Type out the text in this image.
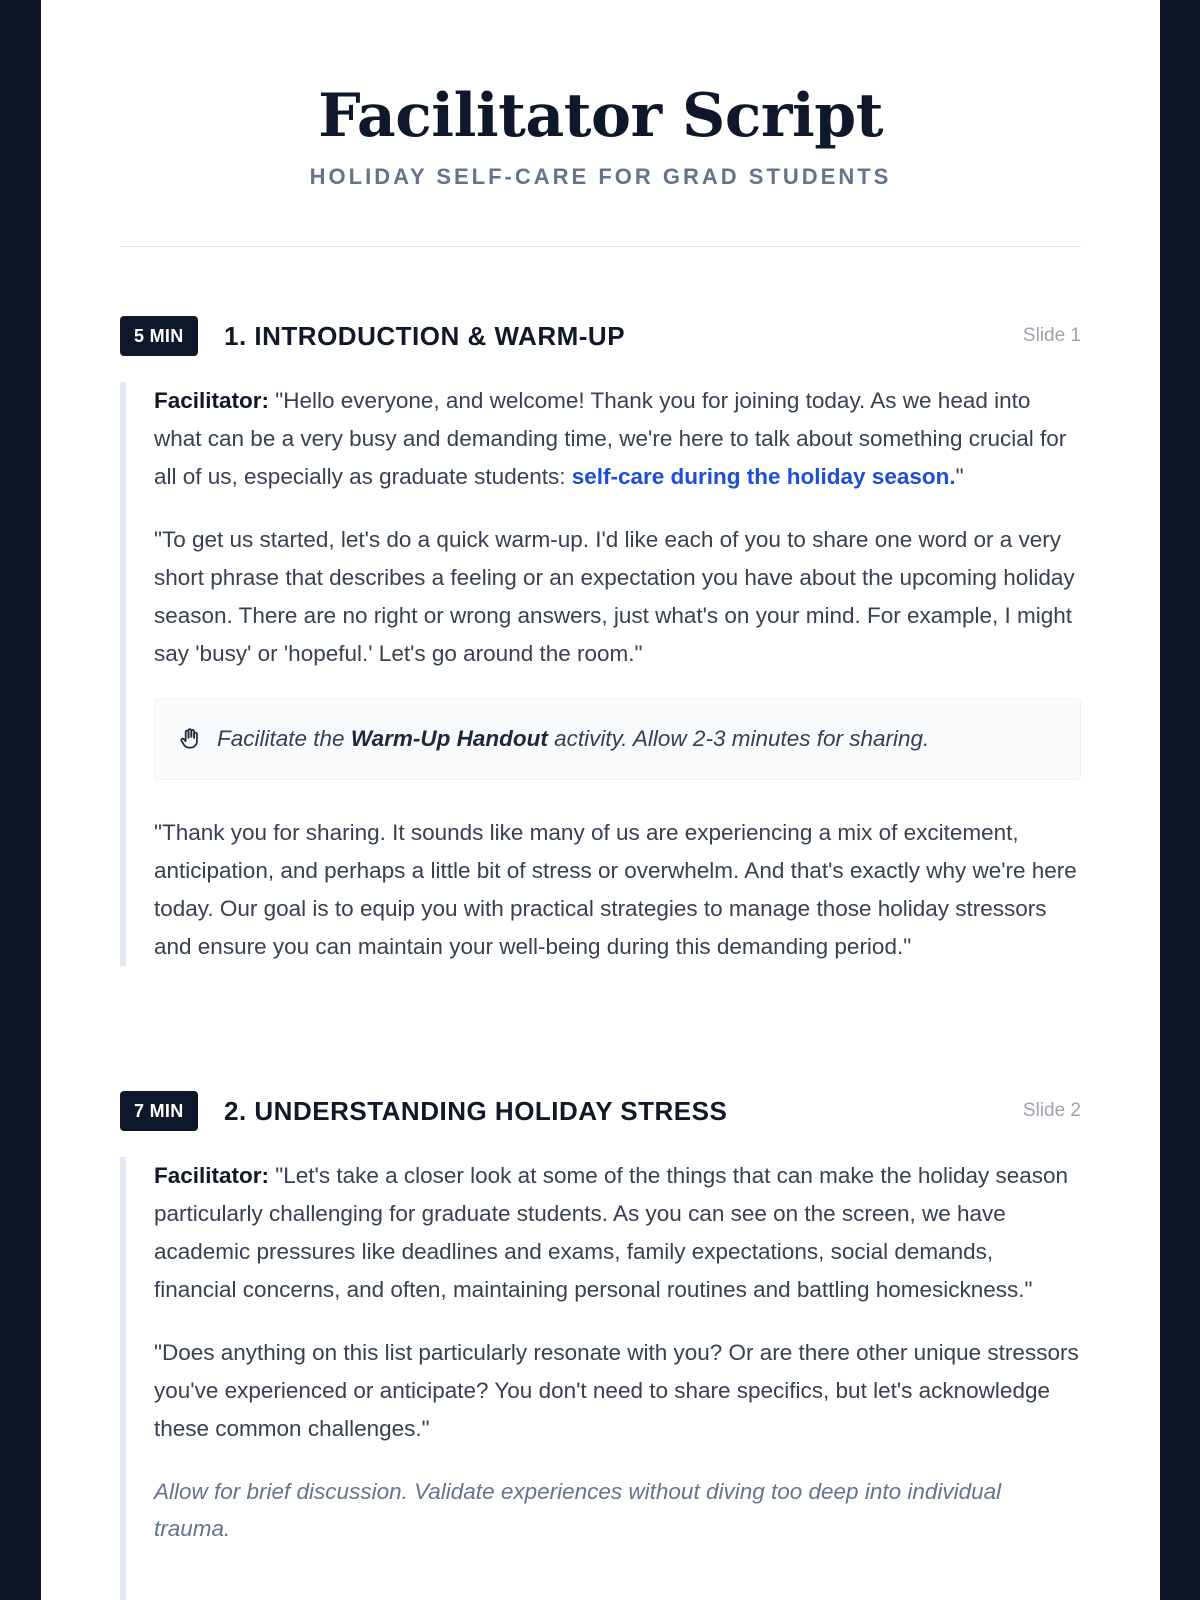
Facilitator Script
HOLIDAY SELF-CARE FOR GRAD STUDENTS
5 MIN	1. INTRODUCTION & WARM-UP	Slide 1

Facilitator: "Hello everyone, and welcome! Thank you for joining today. As we head into what can be a very busy and demanding time, we're here to talk about something crucial for all of us, especially as graduate students: self-care during the holiday season."

"To get us started, let's do a quick warm-up. I'd like each of you to share one word or a very short phrase that describes a feeling or an expectation you have about the upcoming holiday season. There are no right or wrong answers, just what's on your mind. For example, I might say 'busy' or 'hopeful.' Let's go around the room."

Facilitate the Warm-Up Handout activity. Allow 2-3 minutes for sharing.

"Thank you for sharing. It sounds like many of us are experiencing a mix of excitement, anticipation, and perhaps a little bit of stress or overwhelm. And that's exactly why we're here today. Our goal is to equip you with practical strategies to manage those holiday stressors and ensure you can maintain your well-being during this demanding period."

7 MIN	2. UNDERSTANDING HOLIDAY STRESS	Slide 2

Facilitator: "Let's take a closer look at some of the things that can make the holiday season particularly challenging for graduate students. As you can see on the screen, we have academic pressures like deadlines and exams, family expectations, social demands, financial concerns, and often, maintaining personal routines and battling homesickness."

"Does anything on this list particularly resonate with you? Or are there other unique stressors you've experienced or anticipate? You don't need to share specifics, but let's acknowledge these common challenges."

Allow for brief discussion. Validate experiences without diving too deep into individual trauma.
